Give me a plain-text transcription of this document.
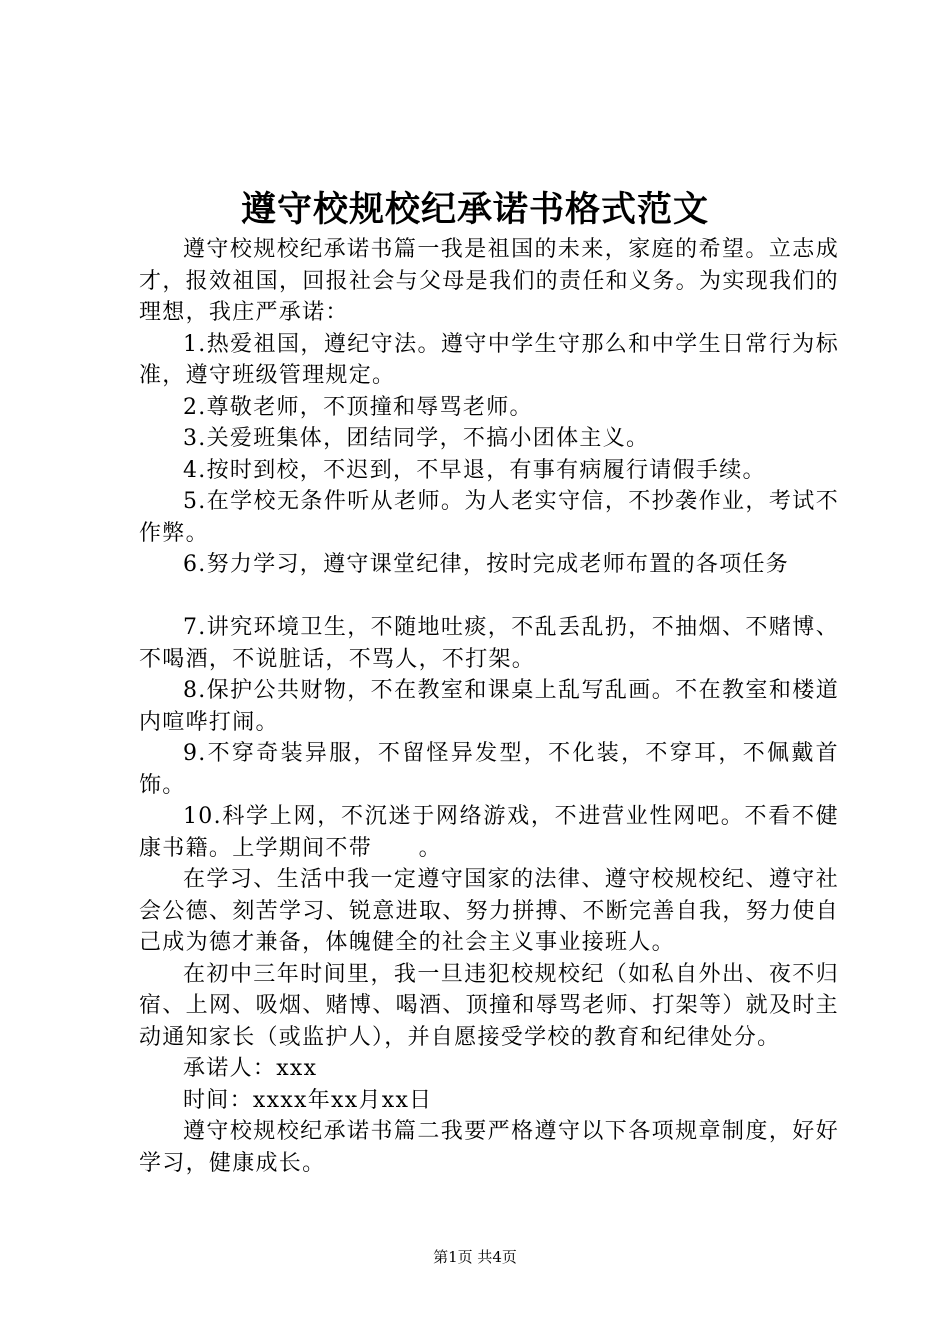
遵守校规校纪承诺书格式范文

遵守校规校纪承诺书篇一我是祖国的未来，家庭的希望。立志成才，报效祖国，回报社会与父母是我们的责任和义务。为实现我们的理想，我庄严承诺：

1.热爱祖国，遵纪守法。遵守中学生守那么和中学生日常行为标准，遵守班级管理规定。

2.尊敬老师，不顶撞和辱骂老师。

3.关爱班集体，团结同学，不搞小团体主义。

4.按时到校，不迟到，不早退，有事有病履行请假手续。

5.在学校无条件听从老师。为人老实守信，不抄袭作业，考试不作弊。

6.努力学习，遵守课堂纪律，按时完成老师布置的各项任务

7.讲究环境卫生，不随地吐痰，不乱丢乱扔，不抽烟、不赌博、不喝酒，不说脏话，不骂人，不打架。

8.保护公共财物，不在教室和课桌上乱写乱画。不在教室和楼道内喧哗打闹。

9.不穿奇装异服，不留怪异发型，不化装，不穿耳，不佩戴首饰。

10.科学上网，不沉迷于网络游戏，不进营业性网吧。不看不健康书籍。上学期间不带　　。

在学习、生活中我一定遵守国家的法律、遵守校规校纪、遵守社会公德、刻苦学习、锐意进取、努力拼搏、不断完善自我，努力使自己成为德才兼备，体魄健全的社会主义事业接班人。

在初中三年时间里，我一旦违犯校规校纪（如私自外出、夜不归宿、上网、吸烟、赌博、喝酒、顶撞和辱骂老师、打架等）就及时主动通知家长（或监护人），并自愿接受学校的教育和纪律处分。

承诺人：xxx

时间：xxxx年xx月xx日

遵守校规校纪承诺书篇二我要严格遵守以下各项规章制度，好好学习，健康成长。

第1页 共4页
